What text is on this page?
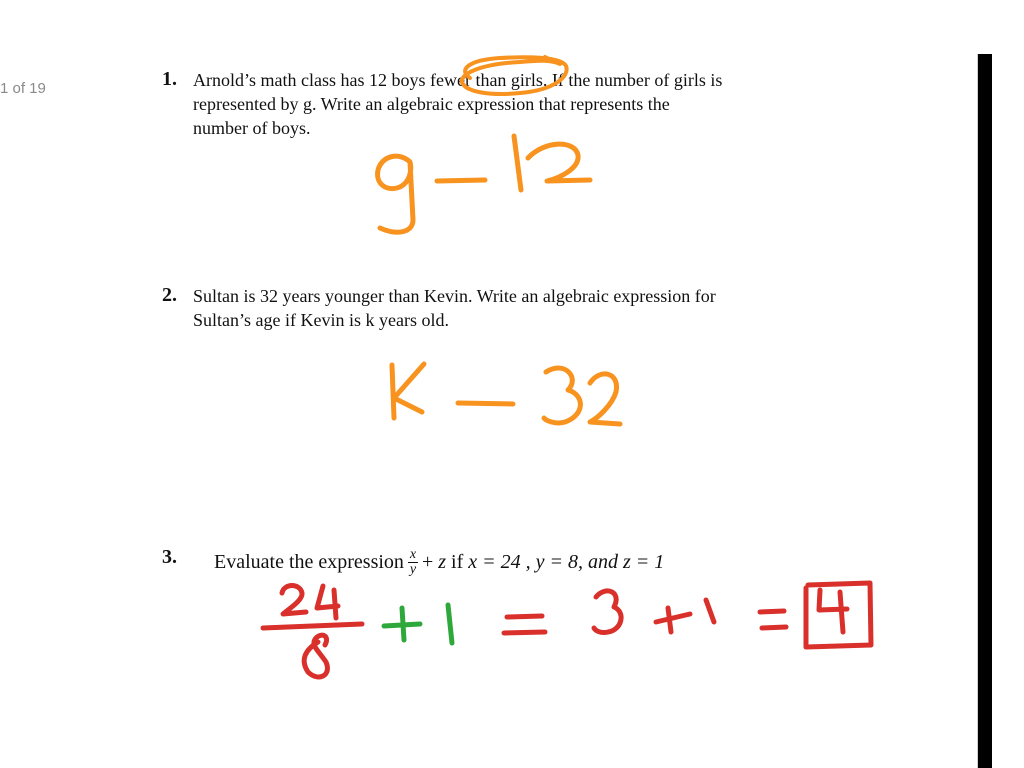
1 of 19	1. Arnold’s math class has 12 boys fewer than girls. If the number of girls is
represented by g. Write an algebraic expression that represents the
number of boys.
2. Sultan is 32 years younger than Kevin. Write an algebraic expression for
Sultan’s age if Kevin is k years old.
3. Evaluate the expression $\frac{x}{y}$ +
z
if
x = 24 ,
y = 8,
and
z = 1
